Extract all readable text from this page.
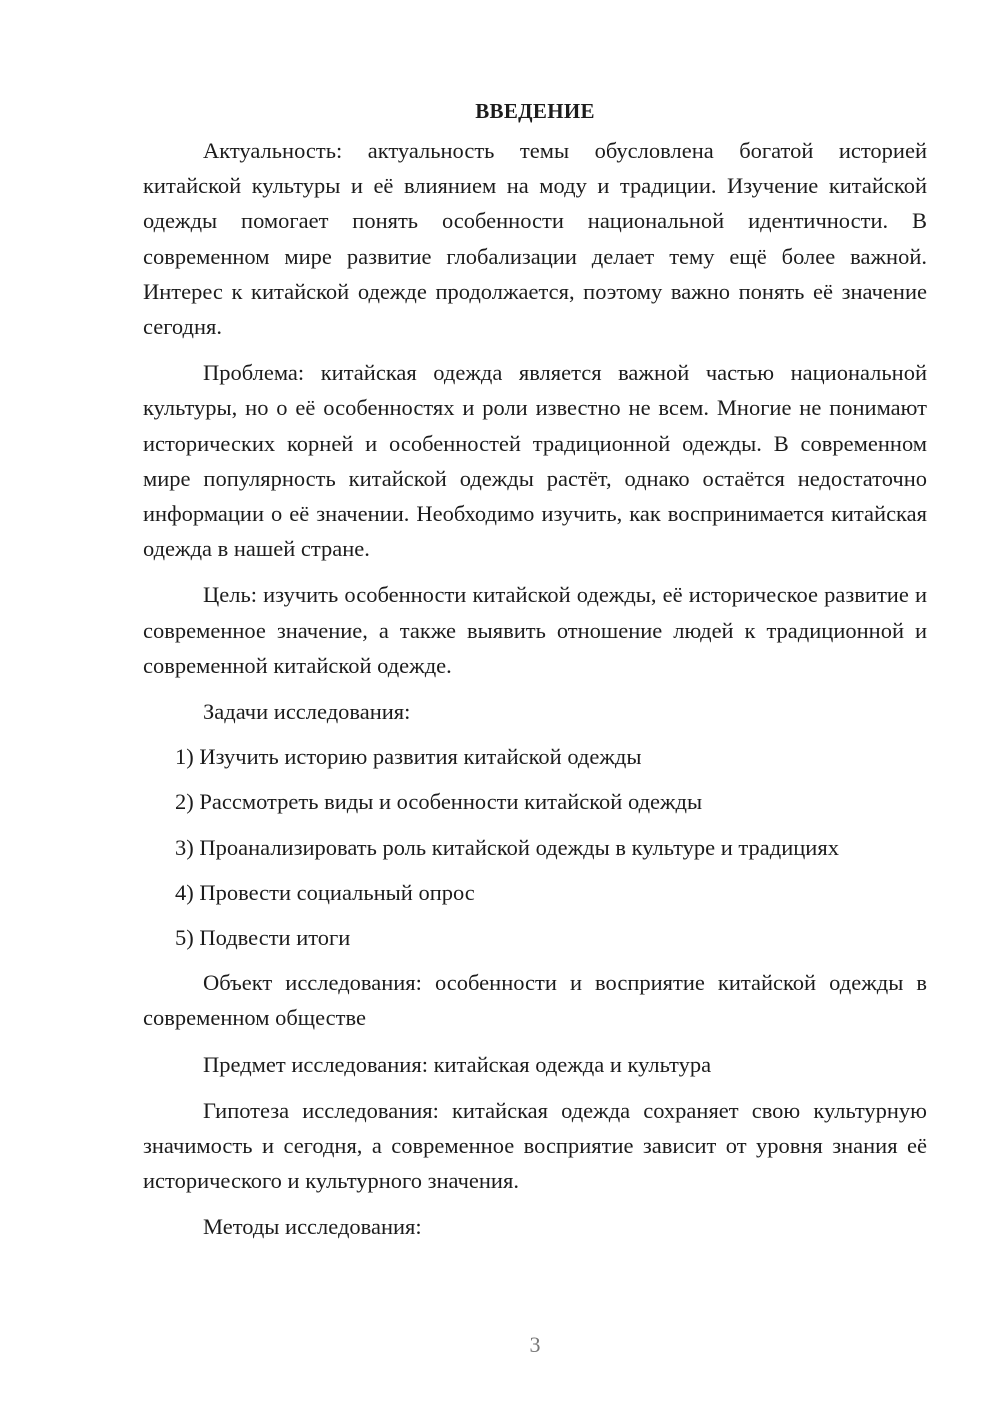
ВВЕДЕНИЕ

Актуальность: актуальность темы обусловлена богатой историей китайской культуры и её влиянием на моду и традиции. Изучение китайской одежды помогает понять особенности национальной идентичности. В современном мире развитие глобализации делает тему ещё более важной. Интерес к китайской одежде продолжается, поэтому важно понять её значение сегодня.

Проблема: китайская одежда является важной частью национальной культуры, но о её особенностях и роли известно не всем. Многие не понимают исторических корней и особенностей традиционной одежды. В современном мире популярность китайской одежды растёт, однако остаётся недостаточно информации о её значении. Необходимо изучить, как воспринимается китайская одежда в нашей стране.

Цель: изучить особенности китайской одежды, её историческое развитие и современное значение, а также выявить отношение людей к традиционной и современной китайской одежде.

Задачи исследования:

1) Изучить историю развития китайской одежды
2) Рассмотреть виды и особенности китайской одежды
3) Проанализировать роль китайской одежды в культуре и традициях
4) Провести социальный опрос
5) Подвести итоги

Объект исследования: особенности и восприятие китайской одежды в современном обществе

Предмет исследования: китайская одежда и культура

Гипотеза исследования: китайская одежда сохраняет свою культурную значимость и сегодня, а современное восприятие зависит от уровня знания её исторического и культурного значения.

Методы исследования:

3
